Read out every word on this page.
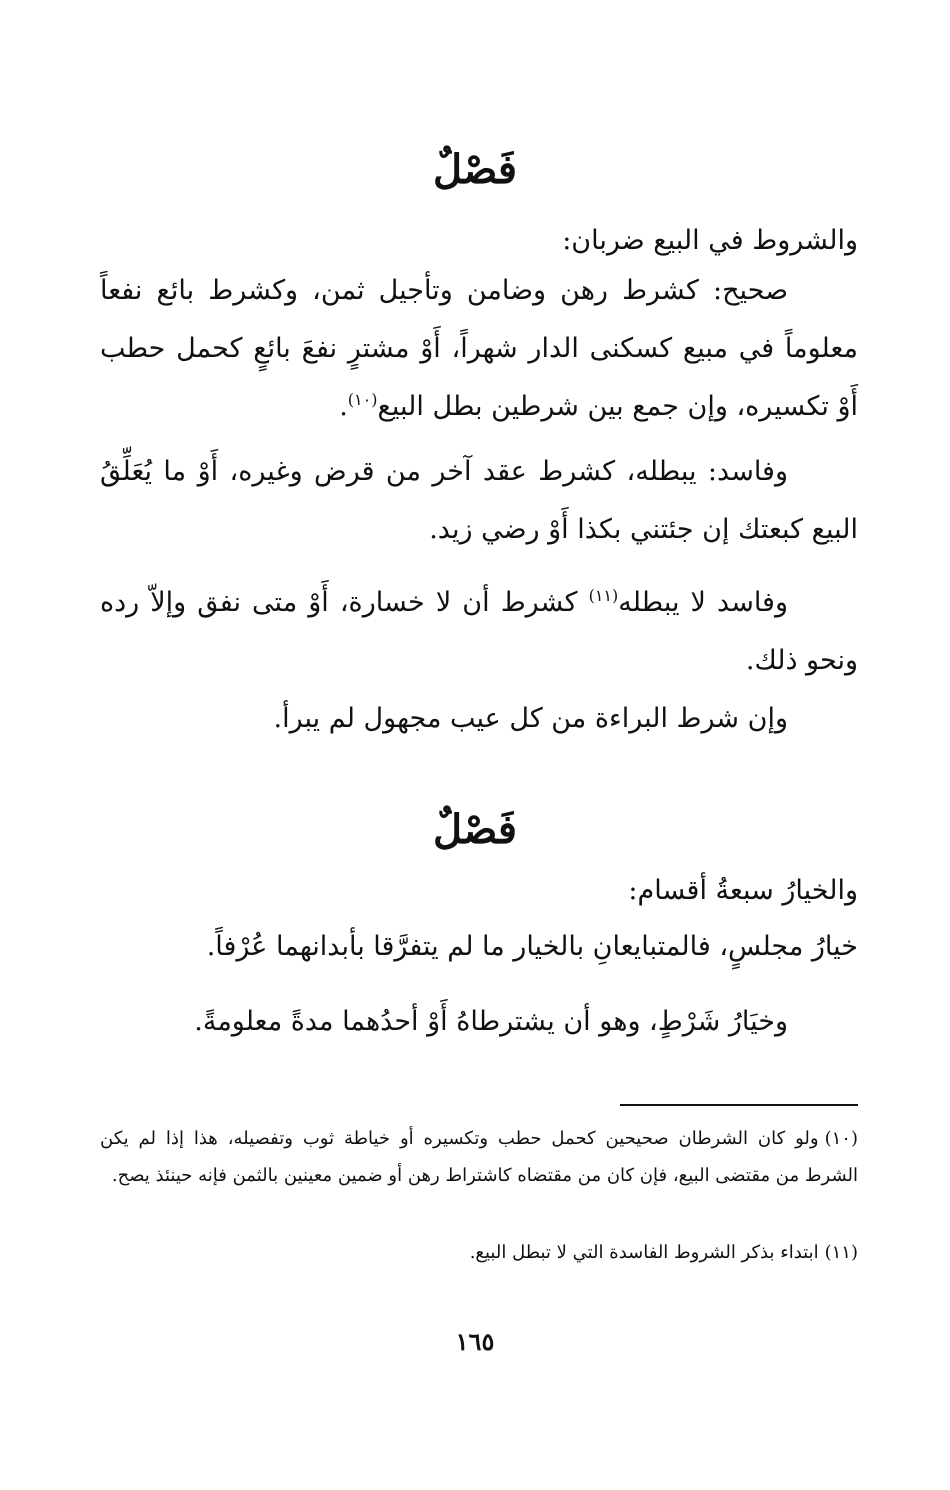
فَصْلٌ

والشروط في البيع ضربان:

صحيح: كشرط رهن وضامن وتأجيل ثمن، وكشرط بائع نفعاً معلوماً في مبيع كسكنى الدار شهراً، أَوْ مشترٍ نفعَ بائعٍ كحمل حطب أَوْ تكسيره، وإن جمع بين شرطين بطل البيع$^{(١٠)}$.

وفاسد: يبطله، كشرط عقد آخر من قرض وغيره، أَوْ ما يُعَلِّقُ البيع كبعتك إن جئتني بكذا أَوْ رضي زيد.

وفاسد لا يبطله$^{(١١)}$ كشرط أن لا خسارة، أَوْ متى نفق وإلاّ رده ونحو ذلك.

وإن شرط البراءة من كل عيب مجهول لم يبرأ.

فَصْلٌ

والخيارُ سبعةُ أقسام:

خيارُ مجلسٍ، فالمتبايعانِ بالخيار ما لم يتفرَّقا بأبدانهما عُرْفاً.

وخيَارُ شَرْطٍ، وهو أن يشترطاهُ أَوْ أحدُهما مدةً معلومةً.

(١٠)ولو كان الشرطان صحيحين كحمل حطب وتكسيره أو خياطة ثوب وتفصيله، هذا إذا لم يكن الشرط من مقتضى البيع، فإن كان من مقتضاه كاشتراط رهن أو ضمين معينين بالثمن فإنه حينئذ يصح.

(١١)ابتداء بذكر الشروط الفاسدة التي لا تبطل البيع.

١٦٥
